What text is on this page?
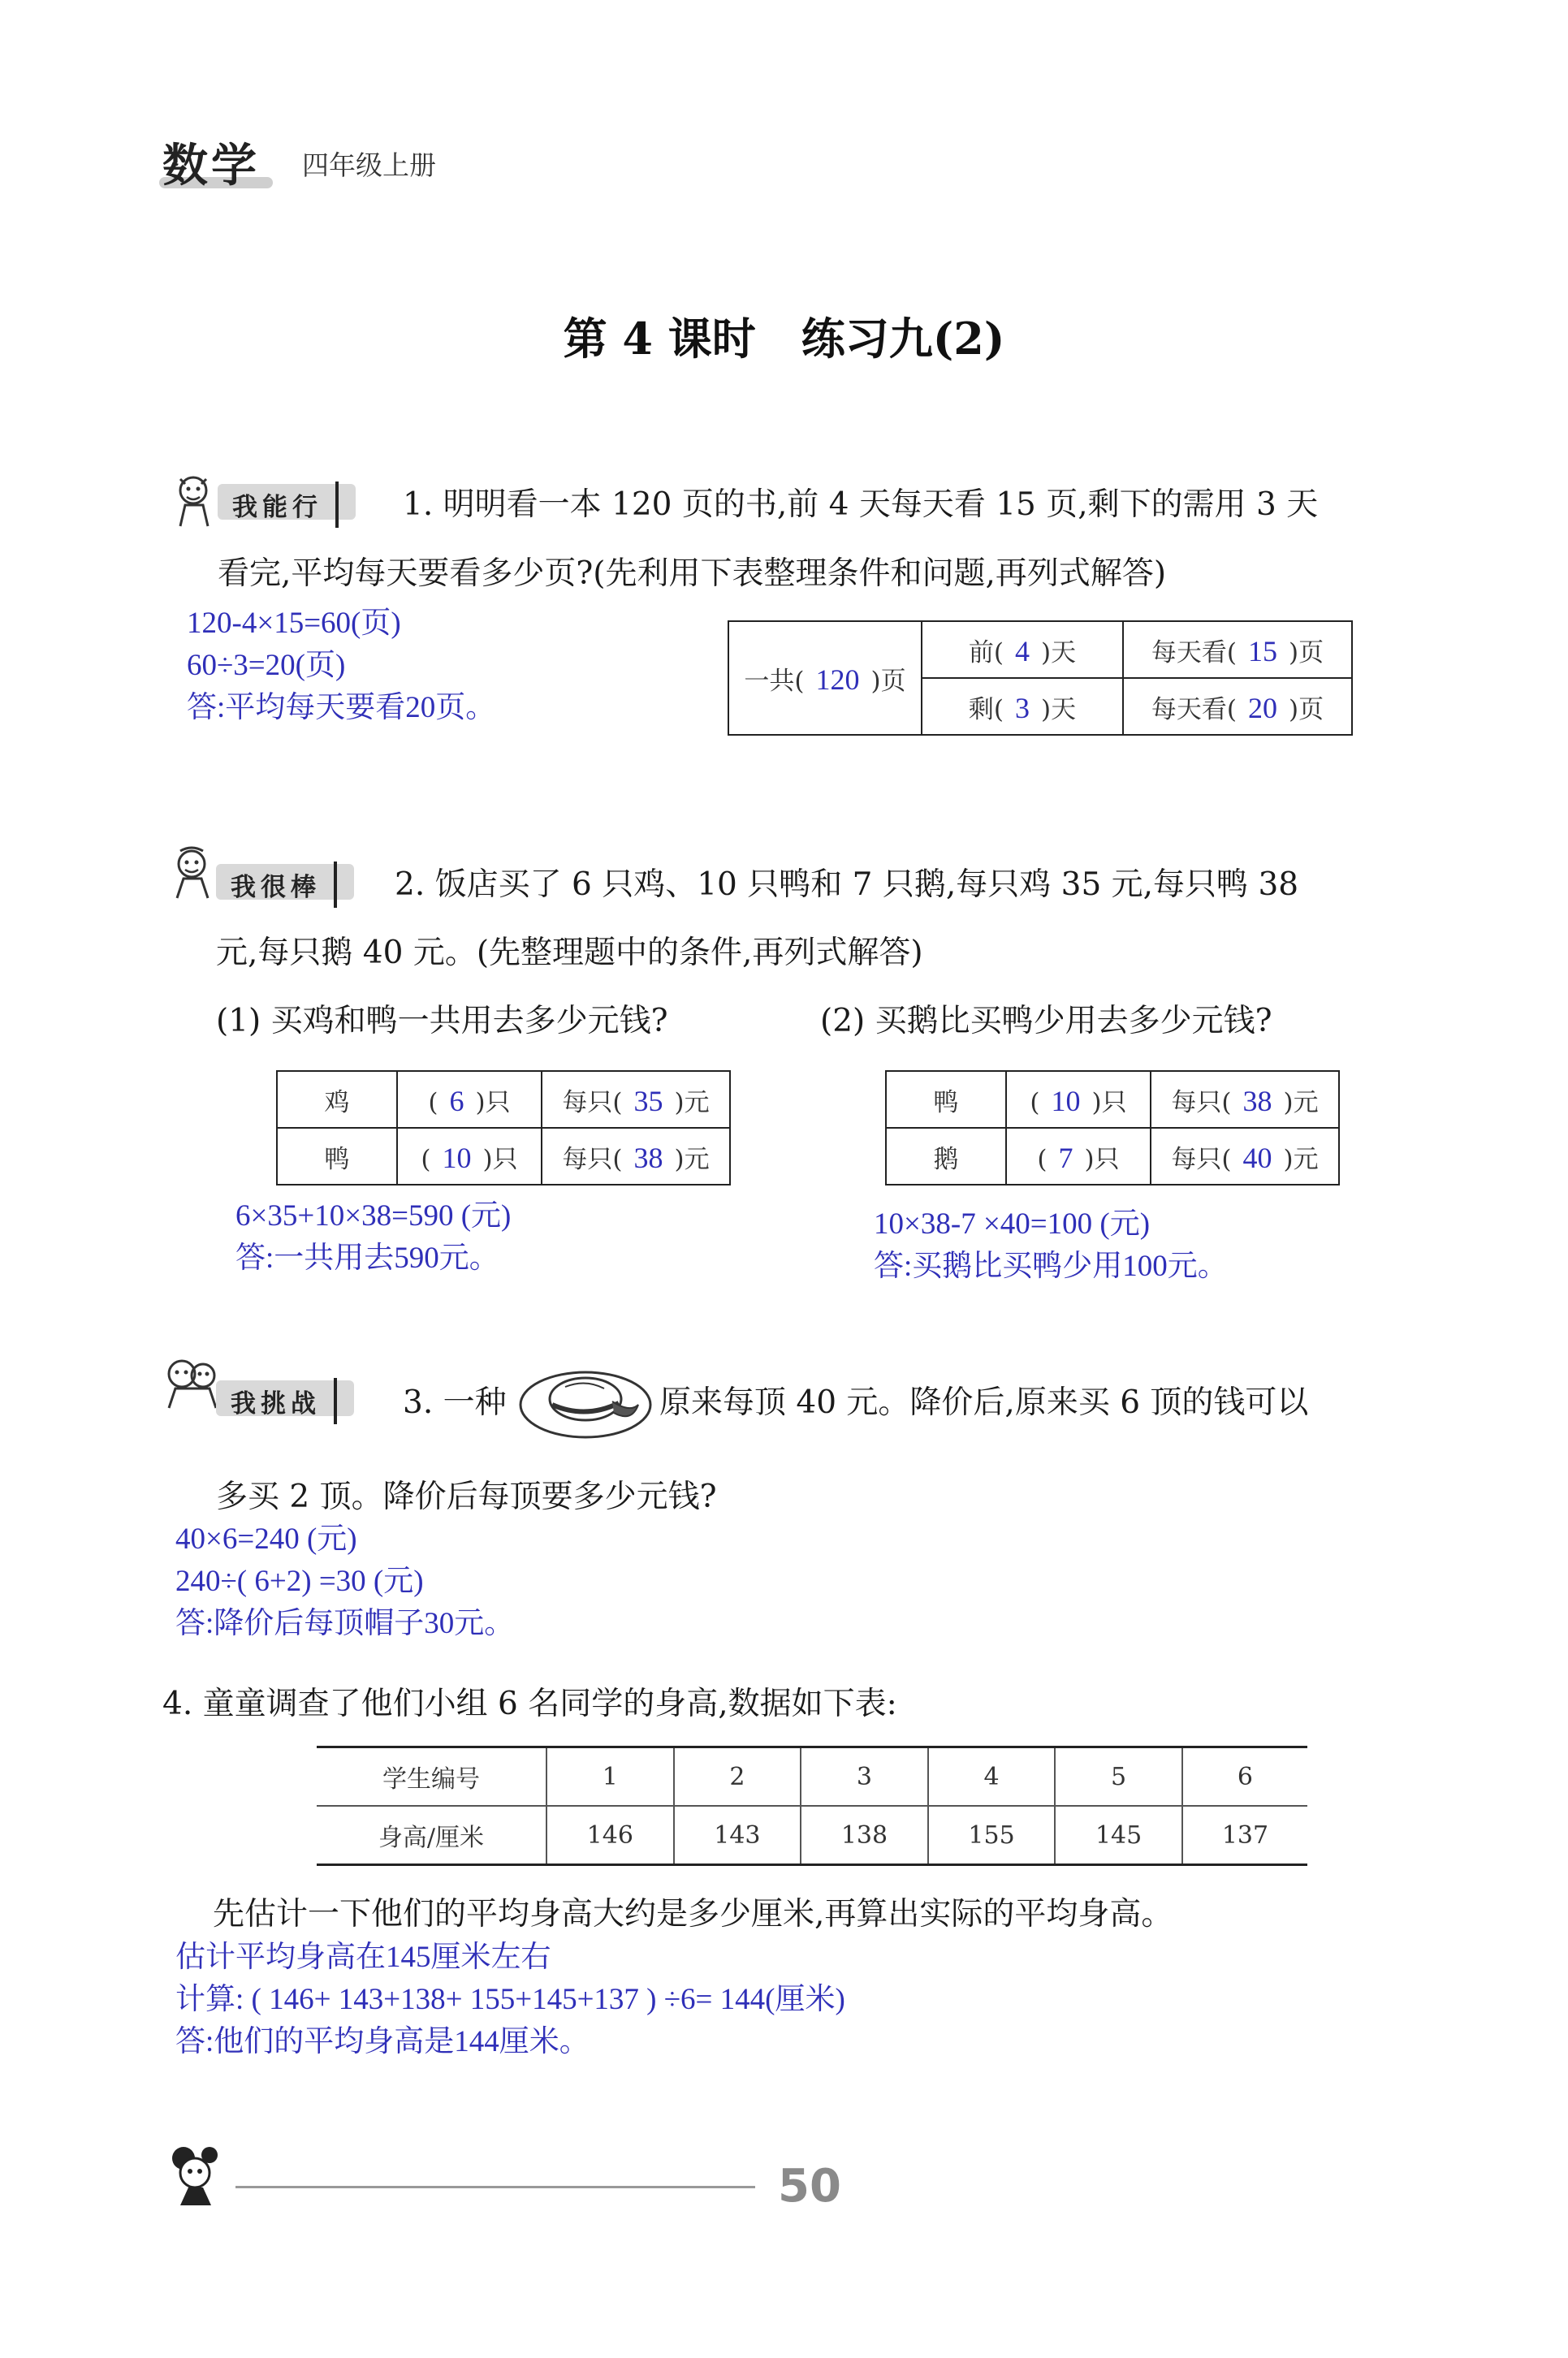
数学 四年级上册
第 4 课时 练习九(2)
我能行	1. 明明看一本 120 页的书,前 4 天每天看 15 页,剩下的需用 3 天
看完,平均每天要看多少页?(先利用下表整理条件和问题,再列式解答)
120-4×15=60(页)
60÷3=20(页)
答:平均每天要看20页。
一共( 120 )页	前( 4 )天	每天看( 15 )页
	剩( 3 )天	每天看( 20 )页
我很棒	2. 饭店买了 6 只鸡、10 只鸭和 7 只鹅,每只鸡 35 元,每只鸭 38
元,每只鹅 40 元。(先整理题中的条件,再列式解答)
(1) 买鸡和鸭一共用去多少元钱?	(2) 买鹅比买鸭少用去多少元钱?
鸡	( 6 )只	每只( 35 )元
鸭	( 10 )只	每只( 38 )元
鸭	( 10 )只	每只( 38 )元
鹅	( 7 )只	每只( 40 )元
6×35+10×38=590 (元)
答:一共用去590元。
10×38-7 ×40=100 (元)
答:买鹅比买鸭少用100元。
我挑战	3. 一种	原来每顶 40 元。降价后,原来买 6 顶的钱可以
多买 2 顶。降价后每顶要多少元钱?
40×6=240 (元)
240÷( 6+2) =30 (元)
答:降价后每顶帽子30元。
4. 童童调查了他们小组 6 名同学的身高,数据如下表:
学生编号	1	2	3	4	5	6
身高/厘米	146	143	138	155	145	137
先估计一下他们的平均身高大约是多少厘米,再算出实际的平均身高。
估计平均身高在145厘米左右
计算: ( 146+ 143+138+ 155+145+137 ) ÷6= 144(厘米)
答:他们的平均身高是144厘米。
50
